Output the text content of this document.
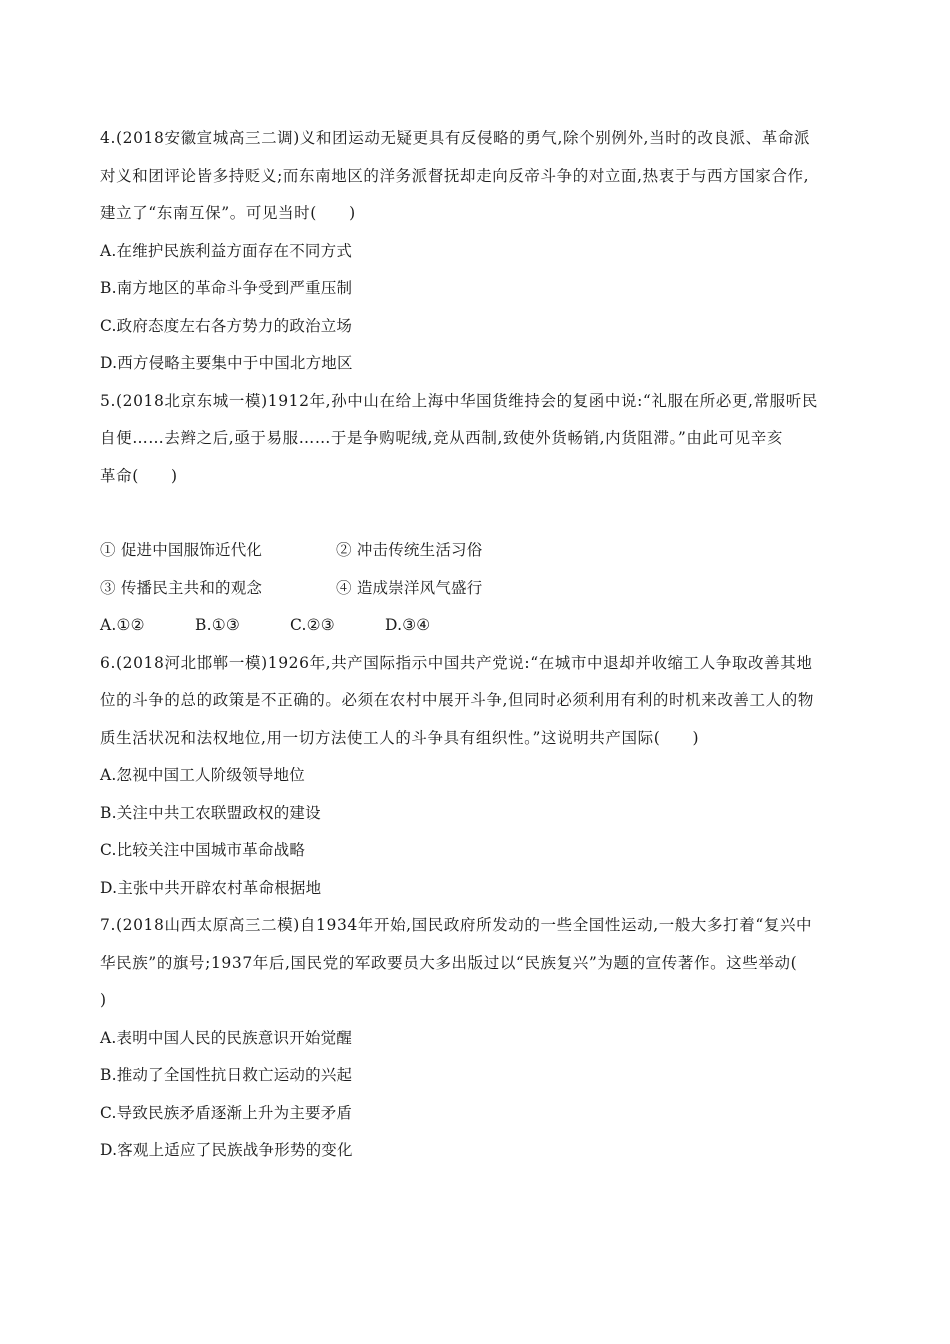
4.(2018安徽宣城高三二调)义和团运动无疑更具有反侵略的勇气,除个别例外,当时的改良派、革命派
对义和团评论皆多持贬义;而东南地区的洋务派督抚却走向反帝斗争的对立面,热衷于与西方国家合作,
建立了“东南互保”。可见当时(　　)
A.在维护民族利益方面存在不同方式
B.南方地区的革命斗争受到严重压制
C.政府态度左右各方势力的政治立场
D.西方侵略主要集中于中国北方地区
5.(2018北京东城一模)1912年,孙中山在给上海中华国货维持会的复函中说:“礼服在所必更,常服听民
自便……去辫之后,亟于易服……于是争购呢绒,竞从西制,致使外货畅销,内货阻滞。”由此可见辛亥
革命(　　)
① 促进中国服饰近代化	② 冲击传统生活习俗
③ 传播民主共和的观念	④ 造成崇洋风气盛行
A.①②	B.①③	C.②③	D.③④
6.(2018河北邯郸一模)1926年,共产国际指示中国共产党说:“在城市中退却并收缩工人争取改善其地
位的斗争的总的政策是不正确的。必须在农村中展开斗争,但同时必须利用有利的时机来改善工人的物
质生活状况和法权地位,用一切方法使工人的斗争具有组织性。”这说明共产国际(　　)
A.忽视中国工人阶级领导地位
B.关注中共工农联盟政权的建设
C.比较关注中国城市革命战略
D.主张中共开辟农村革命根据地
7.(2018山西太原高三二模)自1934年开始,国民政府所发动的一些全国性运动,一般大多打着“复兴中
华民族”的旗号;1937年后,国民党的军政要员大多出版过以“民族复兴”为题的宣传著作。这些举动(
)
A.表明中国人民的民族意识开始觉醒
B.推动了全国性抗日救亡运动的兴起
C.导致民族矛盾逐渐上升为主要矛盾
D.客观上适应了民族战争形势的变化
